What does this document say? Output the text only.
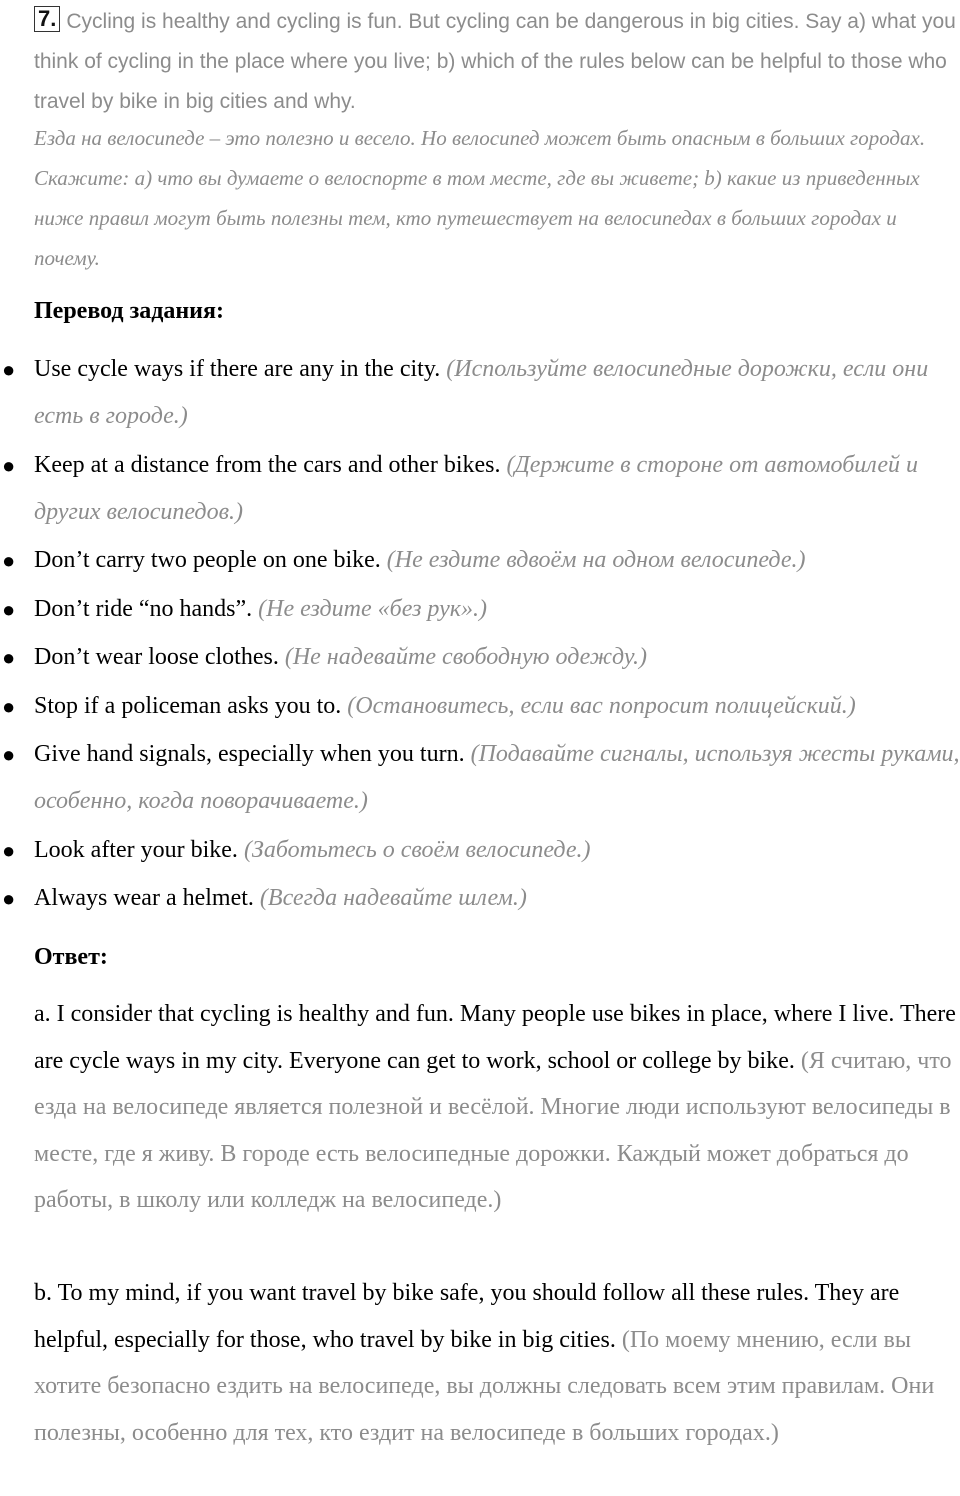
7. Cycling is healthy and cycling is fun. But cycling can be dangerous in big cities. Say a) what you think of cycling in the place where you live; b) which of the rules below can be helpful to those who travel by bike in big cities and why.
Езда на велосипеде – это полезно и весело. Но велосипед может быть опасным в больших городах. Скажите: a) что вы думаете о велоспорте в том месте, где вы живете; b) какие из приведенных ниже правил могут быть полезны тем, кто путешествует на велосипедах в больших городах и почему.
Перевод задания:
● Use cycle ways if there are any in the city. (Используйте велосипедные дорожки, если они есть в городе.)
● Keep at a distance from the cars and other bikes. (Держите в стороне от автомобилей и других велосипедов.)
● Don’t carry two people on one bike. (Не ездите вдвоём на одном велосипеде.)
● Don’t ride “no hands”. (Не ездите «без рук».)
● Don’t wear loose clothes. (Не надевайте свободную одежду.)
● Stop if a policeman asks you to. (Остановитесь, если вас попросит полицейский.)
● Give hand signals, especially when you turn. (Подавайте сигналы, используя жесты руками, особенно, когда поворачиваете.)
● Look after your bike. (Заботьтесь о своём велосипеде.)
● Always wear a helmet. (Всегда надевайте шлем.)
Ответ:
a. I consider that cycling is healthy and fun. Many people use bikes in place, where I live. There are cycle ways in my city. Everyone can get to work, school or college by bike. (Я считаю, что езда на велосипеде является полезной и весёлой. Многие люди используют велосипеды в месте, где я живу. В городе есть велосипедные дорожки. Каждый может добраться до работы, в школу или колледж на велосипеде.)
b. To my mind, if you want travel by bike safe, you should follow all these rules. They are helpful, especially for those, who travel by bike in big cities. (По моему мнению, если вы хотите безопасно ездить на велосипеде, вы должны следовать всем этим правилам. Они полезны, особенно для тех, кто ездит на велосипеде в больших городах.)
